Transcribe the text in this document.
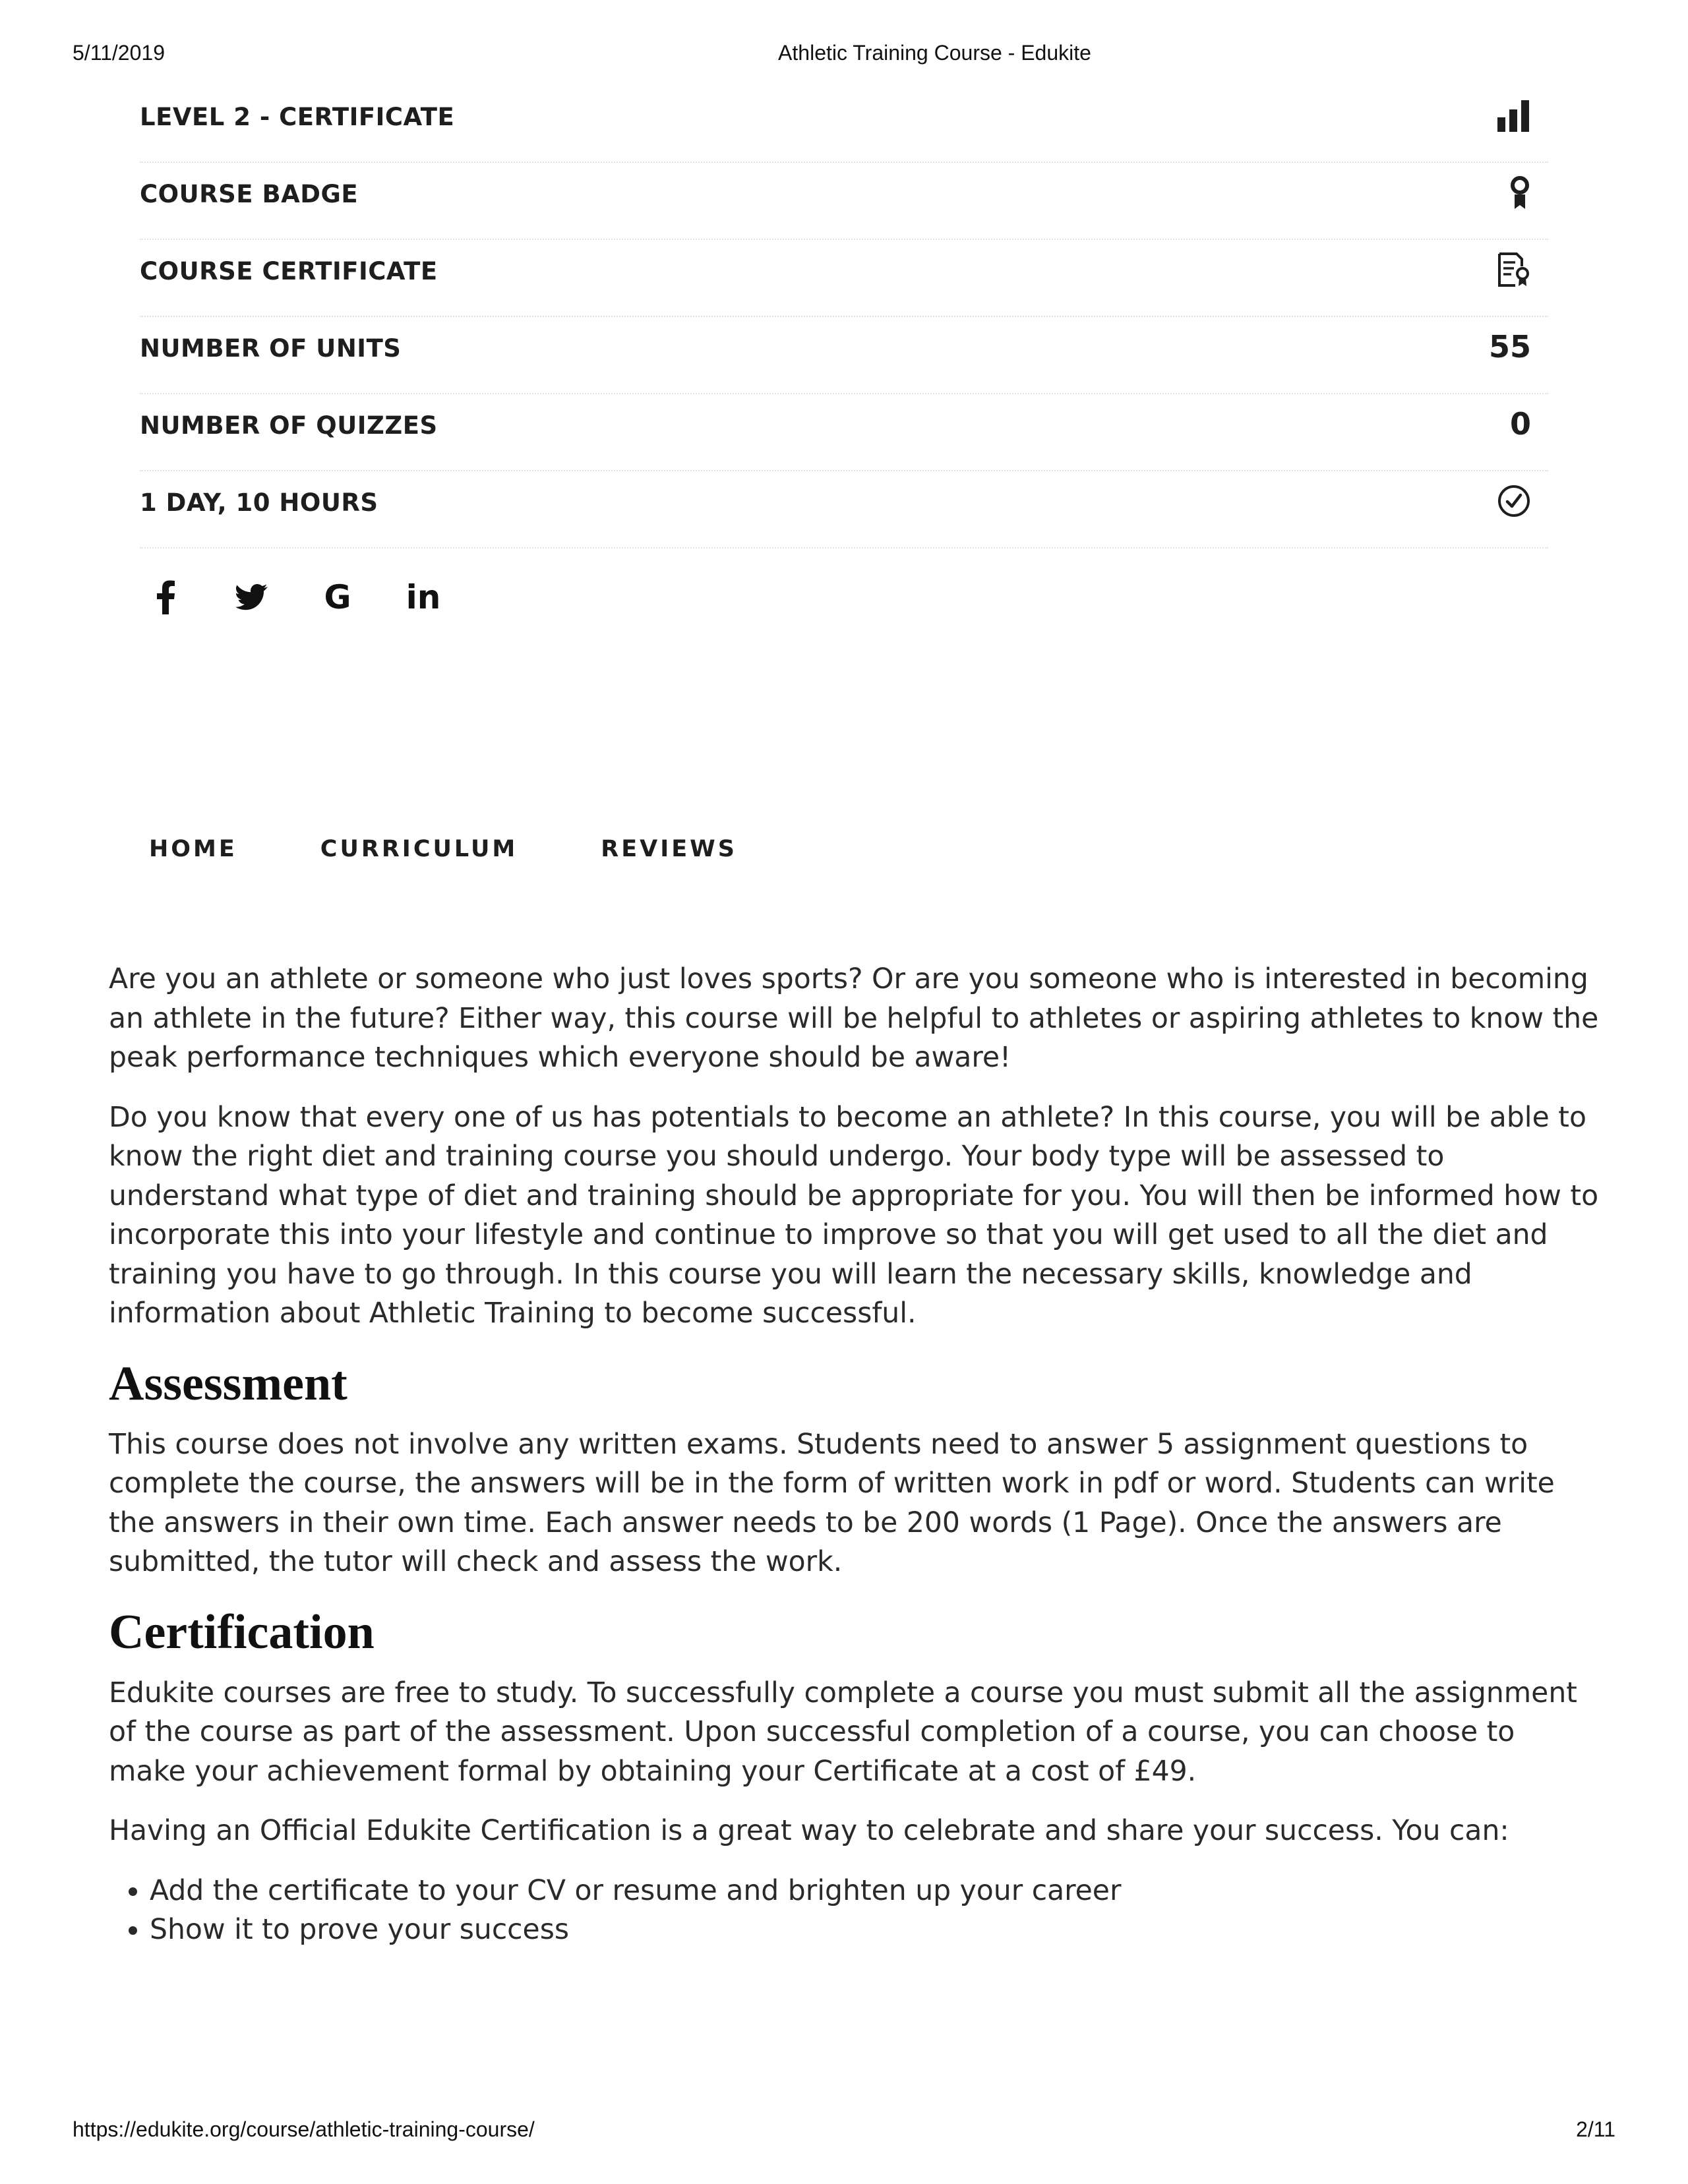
5/11/2019	Athletic Training Course - Edukite
LEVEL 2 - CERTIFICATE
COURSE BADGE
COURSE CERTIFICATE
NUMBER OF UNITS	55
NUMBER OF QUIZZES	0
1 DAY, 10 HOURS
G in
HOME	CURRICULUM	REVIEWS

Are you an athlete or someone who just loves sports? Or are you someone who is interested in becoming an athlete in the future? Either way, this course will be helpful to athletes or aspiring athletes to know the peak performance techniques which everyone should be aware!

Do you know that every one of us has potentials to become an athlete? In this course, you will be able to know the right diet and training course you should undergo. Your body type will be assessed to understand what type of diet and training should be appropriate for you. You will then be informed how to incorporate this into your lifestyle and continue to improve so that you will get used to all the diet and training you have to go through. In this course you will learn the necessary skills, knowledge and information about Athletic Training to become successful.

Assessment

This course does not involve any written exams. Students need to answer 5 assignment questions to complete the course, the answers will be in the form of written work in pdf or word. Students can write the answers in their own time. Each answer needs to be 200 words (1 Page). Once the answers are submitted, the tutor will check and assess the work.

Certification

Edukite courses are free to study. To successfully complete a course you must submit all the assignment of the course as part of the assessment. Upon successful completion of a course, you can choose to make your achievement formal by obtaining your Certificate at a cost of £49.

Having an Official Edukite Certification is a great way to celebrate and share your success. You can:

• Add the certificate to your CV or resume and brighten up your career
• Show it to prove your success
https://edukite.org/course/athletic-training-course/	2/11
